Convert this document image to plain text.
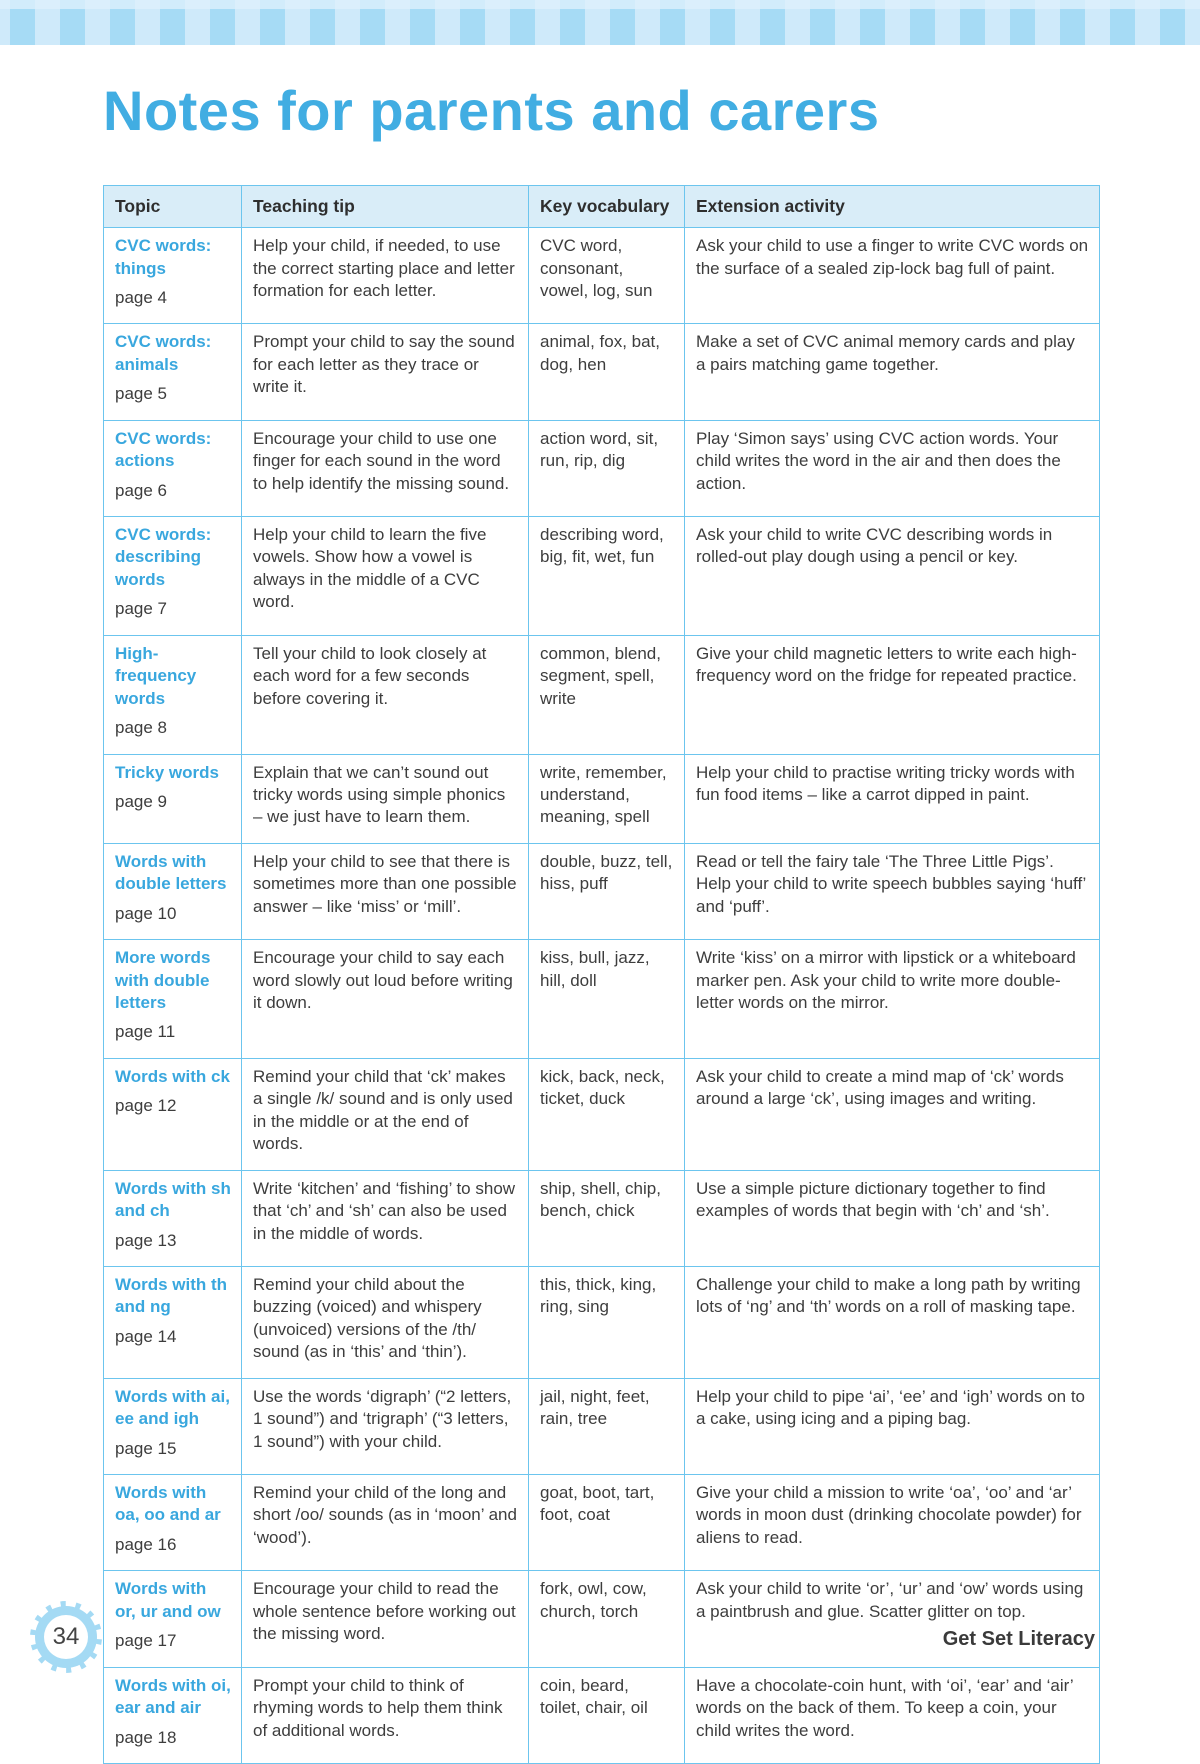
Notes for parents and carers
Topic	Teaching tip	Key vocabulary	Extension activity

CVC words: things
page 4	Help your child, if needed, to use the correct starting place and letter formation for each letter.	CVC word, consonant, vowel, log, sun	Ask your child to use a finger to write CVC words on the surface of a sealed zip-lock bag full of paint.

CVC words: animals
page 5	Prompt your child to say the sound for each letter as they trace or write it.	animal, fox, bat, dog, hen	Make a set of CVC animal memory cards and play a pairs matching game together.

CVC words: actions
page 6	Encourage your child to use one finger for each sound in the word to help identify the missing sound.	action word, sit, run, rip, dig	Play ‘Simon says’ using CVC action words. Your child writes the word in the air and then does the action.

CVC words: describing words
page 7	Help your child to learn the five vowels. Show how a vowel is always in the middle of a CVC word.	describing word, big, fit, wet, fun	Ask your child to write CVC describing words in rolled-out play dough using a pencil or key.

High-frequency words
page 8	Tell your child to look closely at each word for a few seconds before covering it.	common, blend, segment, spell, write	Give your child magnetic letters to write each high-frequency word on the fridge for repeated practice.

Tricky words
page 9	Explain that we can’t sound out tricky words using simple phonics – we just have to learn them.	write, remember, understand, meaning, spell	Help your child to practise writing tricky words with fun food items – like a carrot dipped in paint.

Words with double letters
page 10	Help your child to see that there is sometimes more than one possible answer – like ‘miss’ or ‘mill’.	double, buzz, tell, hiss, puff	Read or tell the fairy tale ‘The Three Little Pigs’. Help your child to write speech bubbles saying ‘huff’ and ‘puff’.

More words with double letters
page 11	Encourage your child to say each word slowly out loud before writing it down.	kiss, bull, jazz, hill, doll	Write ‘kiss’ on a mirror with lipstick or a whiteboard marker pen. Ask your child to write more double-letter words on the mirror.

Words with ck
page 12	Remind your child that ‘ck’ makes a single /k/ sound and is only used in the middle or at the end of words.	kick, back, neck, ticket, duck	Ask your child to create a mind map of ‘ck’ words around a large ‘ck’, using images and writing.

Words with sh and ch
page 13	Write ‘kitchen’ and ‘fishing’ to show that ‘ch’ and ‘sh’ can also be used in the middle of words.	ship, shell, chip, bench, chick	Use a simple picture dictionary together to find examples of words that begin with ‘ch’ and ‘sh’.

Words with th and ng
page 14	Remind your child about the buzzing (voiced) and whispery (unvoiced) versions of the /th/ sound (as in ‘this’ and ‘thin’).	this, thick, king, ring, sing	Challenge your child to make a long path by writing lots of ‘ng’ and ‘th’ words on a roll of masking tape.

Words with ai, ee and igh
page 15	Use the words ‘digraph’ (“2 letters, 1 sound”) and ‘trigraph’ (“3 letters, 1 sound”) with your child.	jail, night, feet, rain, tree	Help your child to pipe ‘ai’, ‘ee’ and ‘igh’ words on to a cake, using icing and a piping bag.

Words with oa, oo and ar
page 16	Remind your child of the long and short /oo/ sounds (as in ‘moon’ and ‘wood’).	goat, boot, tart, foot, coat	Give your child a mission to write ‘oa’, ‘oo’ and ‘ar’ words in moon dust (drinking chocolate powder) for aliens to read.

Words with or, ur and ow
page 17	Encourage your child to read the whole sentence before working out the missing word.	fork, owl, cow, church, torch	Ask your child to write ‘or’, ‘ur’ and ‘ow’ words using a paintbrush and glue. Scatter glitter on top.

Words with oi, ear and air
page 18	Prompt your child to think of rhyming words to help them think of additional words.	coin, beard, toilet, chair, oil	Have a chocolate-coin hunt, with ‘oi’, ‘ear’ and ‘air’ words on the back of them. To keep a coin, your child writes the word.
34	Get Set Literacy
